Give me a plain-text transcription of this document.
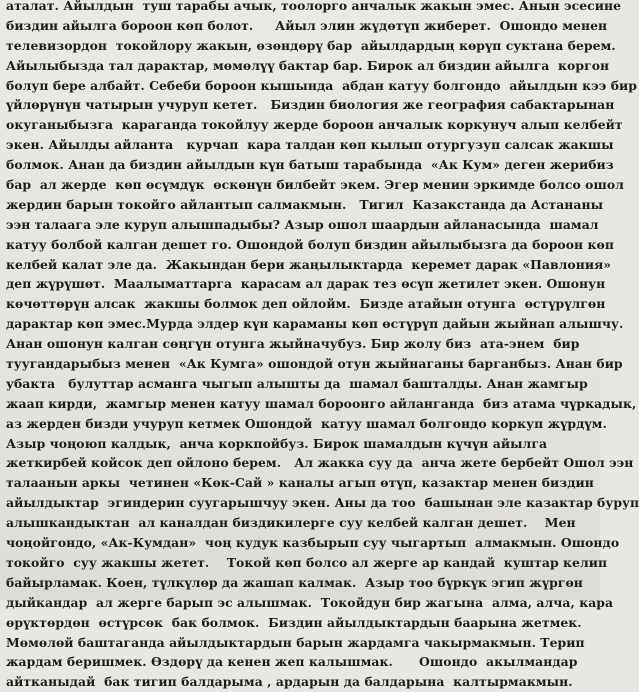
аталат. Айылдын  туш тарабы ачык, тоолорго анчалык жакын эмес. Анын эсесине
биздин айылга бороон көп болот.     Айыл элин жүдөтүп жиберет.  Ошондо менен
телевизордон  токойлору жакын, өзөндөрү бар  айылдардың көрүп суктана берем.
Айылыбызда тал дарактар, мөмөлүү бактар бар. Бирок ал биздин айылга  коргон
болуп бере албайт. Себеби бороон кышында  абдан катуу болгондо  айылдын кээ бир
үйлөрүнүн чатырын учуруп кетет.   Биздин биология же география сабактарынан
окуганыбызга  караганда токойлуу жерде бороон анчалык коркунуч алып келбейт
экен. Айылды айланта   курчап  кара талдан көп кылып отургузуп салсак жакшы
болмок. Анан да биздин айылдын күн батыш тарабында  «Ак Кум» деген жерибиз
бар  ал жерде  көп өсүмдүк  өскөнүн билбейт экем. Эгер менин эркимде болсо ошол
жердин барын токойго айлантып салмакмын.   Тигил  Казакстанда да Астананы
ээн талаага эле куруп алышпадыбы? Азыр ошол шаардын айланасында  шамал
катуу болбой калган дешет го. Ошондой болуп биздин айылыбызга да бороон көп
келбей калат эле да.  Жакындан бери жаңылыктарда  керемет дарак «Павлония»
деп жүрүшөт.  Маалыматтарга  карасам ал дарак тез өсүп жетилет экен. Ошонун
көчөттөрүн алсак  жакшы болмок деп ойлойм.  Бизде атайын отунга  өстүрүлгөн
дарактар көп эмес.Мурда элдер күн караманы көп өстүрүп дайын жыйнап алышчу.
Анан ошонун калган сөңгүн отунга жыйначубуз. Бир жолу биз  ата-энем  бир
туугандарыбыз менен  «Ак Кумга» ошондой отун жыйнаганы барганбыз. Анан бир
убакта   булуттар асманга чыгып алышты да  шамал башталды. Анан жамгыр
жаап кирди,  жамгыр менен катуу шамал бороонго айланганда  биз атама чүркадык,
аз жерден бизди учуруп кетмек Ошондой  катуу шамал болгондо коркуп жүрдүм.
Азыр чоңоюп калдык,  анча коркпойбуз. Бирок шамалдын күчүн айылга
жеткирбей койсок деп ойлоно берем.   Ал жакка суу да  анча жете бербейт Ошол ээн
талаанын аркы  четинен «Көк-Сай » каналы агып өтүп, казактар менен биздин
айылдыктар  эгиндерин суугарышчуу экен. Аны да тоо  башынан эле казактар буруп
алышкандыктан  ал каналдан биздикилерге суу келбей калган дешет.    Мен
чоңойгондо, «Ак-Кумдан»  чоң кудук казбырып суу чыгартып  алмакмын. Ошондо
токойго  суу жакшы жетет.    Токой көп болсо ал жерге ар кандай  куштар келип
байырламак. Коен, түлкүлөр да жашап калмак.  Азыр тоо бүркүк эгип жүргөн
дыйкандар  ал жерге барып эс алышмак.  Токойдун бир жагына  алма, алча, кара
өрүктөрдөн  өстүрсөк  бак болмок.  Биздин айылдыктардын баарына жетмек.
Мөмөлөй баштаганда айылдыктардын барын жардамга чакырмакмын. Терип
жардам беришмек. Өздөрү да кенен жеп калышмак.      Ошондо  акылмандар
айтканыдай  бак тигип балдарыма , ардарын да балдарына  калтырмакмын.
